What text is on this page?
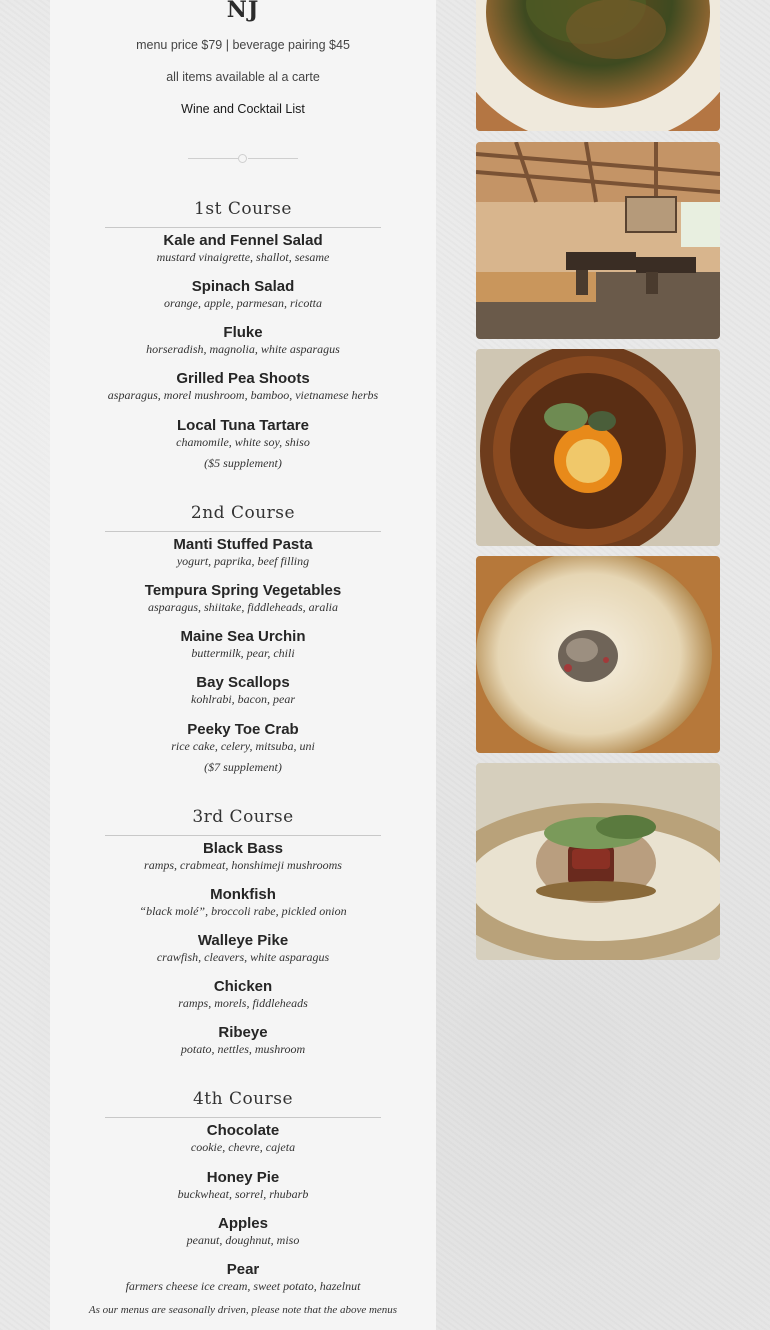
NJ
menu price $79 | beverage pairing $45
all items available al a carte
Wine and Cocktail List
1st Course
Kale and Fennel Salad
mustard vinaigrette, shallot, sesame
Spinach Salad
orange, apple, parmesan, ricotta
Fluke
horseradish, magnolia, white asparagus
Grilled Pea Shoots
asparagus, morel mushroom, bamboo, vietnamese herbs
Local Tuna Tartare
chamomile, white soy, shiso
($5 supplement)
2nd Course
Manti Stuffed Pasta
yogurt, paprika, beef filling
Tempura Spring Vegetables
asparagus, shiitake, fiddleheads, aralia
Maine Sea Urchin
buttermilk, pear, chili
Bay Scallops
kohlrabi, bacon, pear
Peeky Toe Crab
rice cake, celery, mitsuba, uni
($7 supplement)
3rd Course
Black Bass
ramps, crabmeat, honshimeji mushrooms
Monkfish
“black molé”, broccoli rabe, pickled onion
Walleye Pike
crawfish, cleavers, white asparagus
Chicken
ramps, morels, fiddleheads
Ribeye
potato, nettles, mushroom
4th Course
Chocolate
cookie, chevre, cajeta
Honey Pie
buckwheat, sorrel, rhubarb
Apples
peanut, doughnut, miso
Pear
farmers cheese ice cream, sweet potato, hazelnut
As our menus are seasonally driven, please note that the above menus
